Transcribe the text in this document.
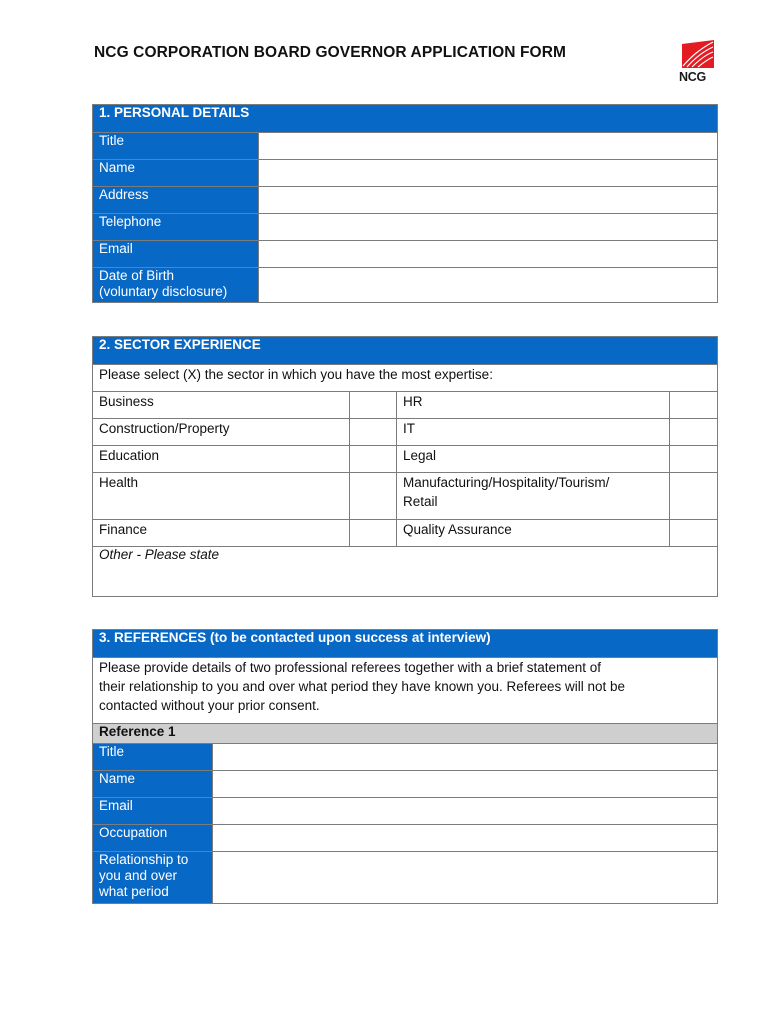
NCG CORPORATION BOARD GOVERNOR APPLICATION FORM
NCG
1. PERSONAL DETAILS	
Title	
Name	
Address	
Telephone	
Email	

Date of Birth
(voluntary disclosure)	

2. SECTOR EXPERIENCE			
Please select (X) the sector in which you have the most expertise:			
Business		HR	
Construction/Property		IT	
Education		Legal	
Health		Manufacturing/Hospitality/Tourism/
Retail	

Finance		Quality Assurance	
Other - Please state			
3. REFERENCES (to be contacted upon success at interview)	

Please provide details of two professional referees together with a brief statement of
their relationship to you and over what period they have known you. Referees will not be
contacted without your prior consent.	

Reference 1	
Title	
Name	
Email	
Occupation	

Relationship to
you and over
what period	
